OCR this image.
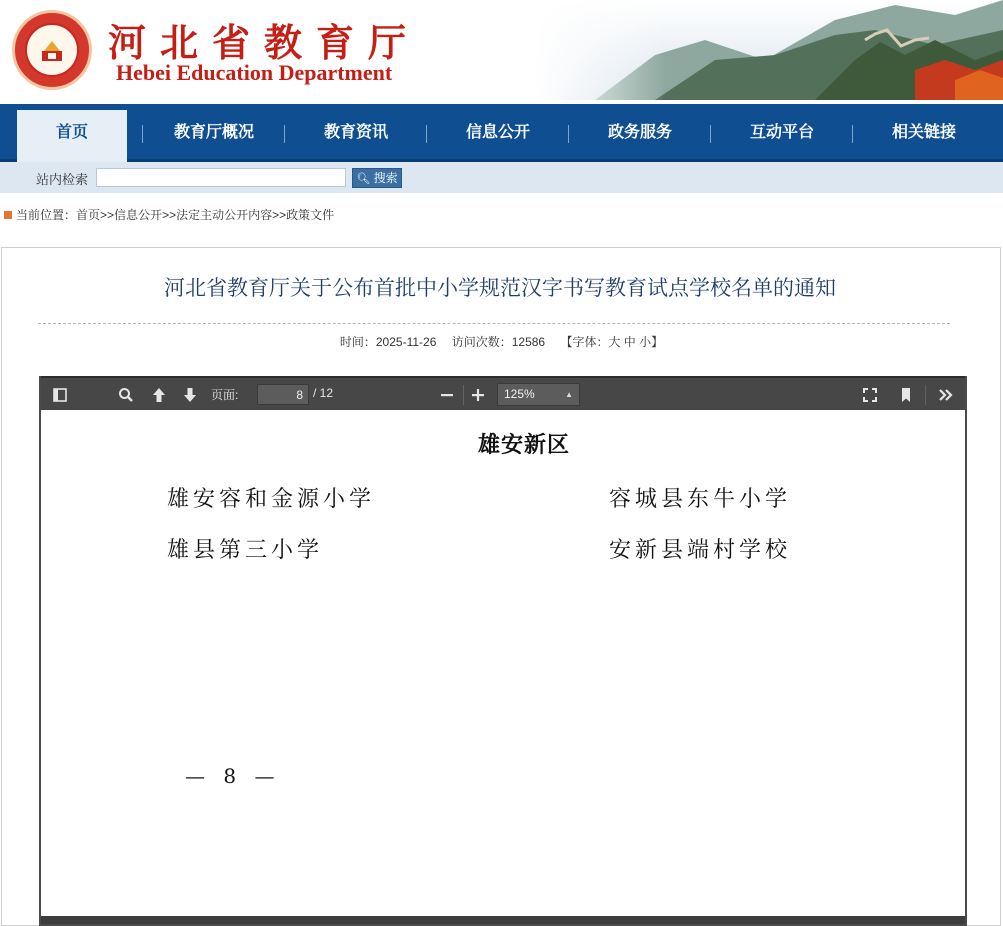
河北省教育厅
Hebei Education Department
首页	教育厅概况	教育资讯	信息公开	政务服务	互动平台	相关链接
站内检索	🔍︎ 搜索
当前位置：首页>>信息公开>>法定主动公开内容>>政策文件
河北省教育厅关于公布首批中小学规范汉字书写教育试点学校名单的通知
时间：2025-11-26 访问次数：12586 【字体：大 中 小】
页面:
8	/ 12	125%	▲

雄安新区
雄安容和金源小学	容城县东牛小学
雄县第三小学	安新县端村学校
— 8 —
